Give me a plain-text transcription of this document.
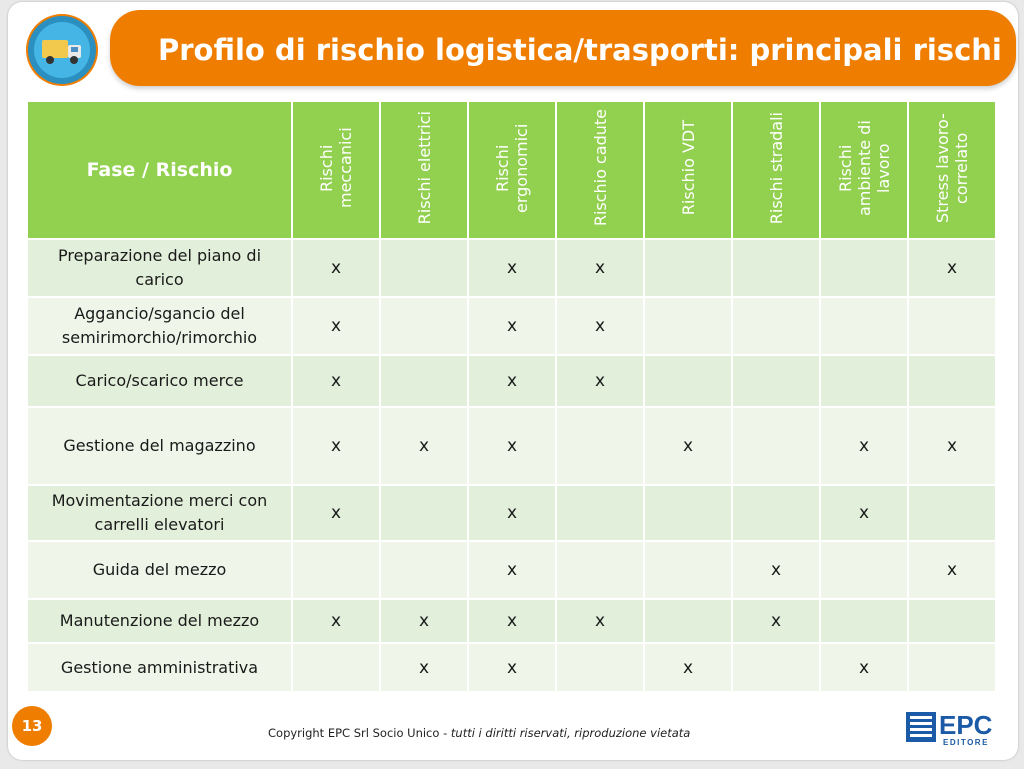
Profilo di rischio logistica/trasporti: principali rischi
Fase / Rischio	Rischi meccanici	Rischi elettrici	Rischi ergonomici	Rischio cadute	Rischio VDT	Rischi stradali	Rischi ambiente di lavoro	Stress lavoro-correlato
Preparazione del piano di carico	x		x	x				x
Aggancio/sgancio del semirimorchio/rimorchio	x		x	x				
Carico/scarico merce	x		x	x				
Gestione del magazzino	x	x	x		x		x	x
Movimentazione merci con carrelli elevatori	x		x				x	
Guida del mezzo			x			x		x
Manutenzione del mezzo	x	x	x	x		x		
Gestione amministrativa		x	x		x		x	
13	Copyright EPC Srl Socio Unico - tutti i diritti riservati, riproduzione vietata	EPC
EDITORE
